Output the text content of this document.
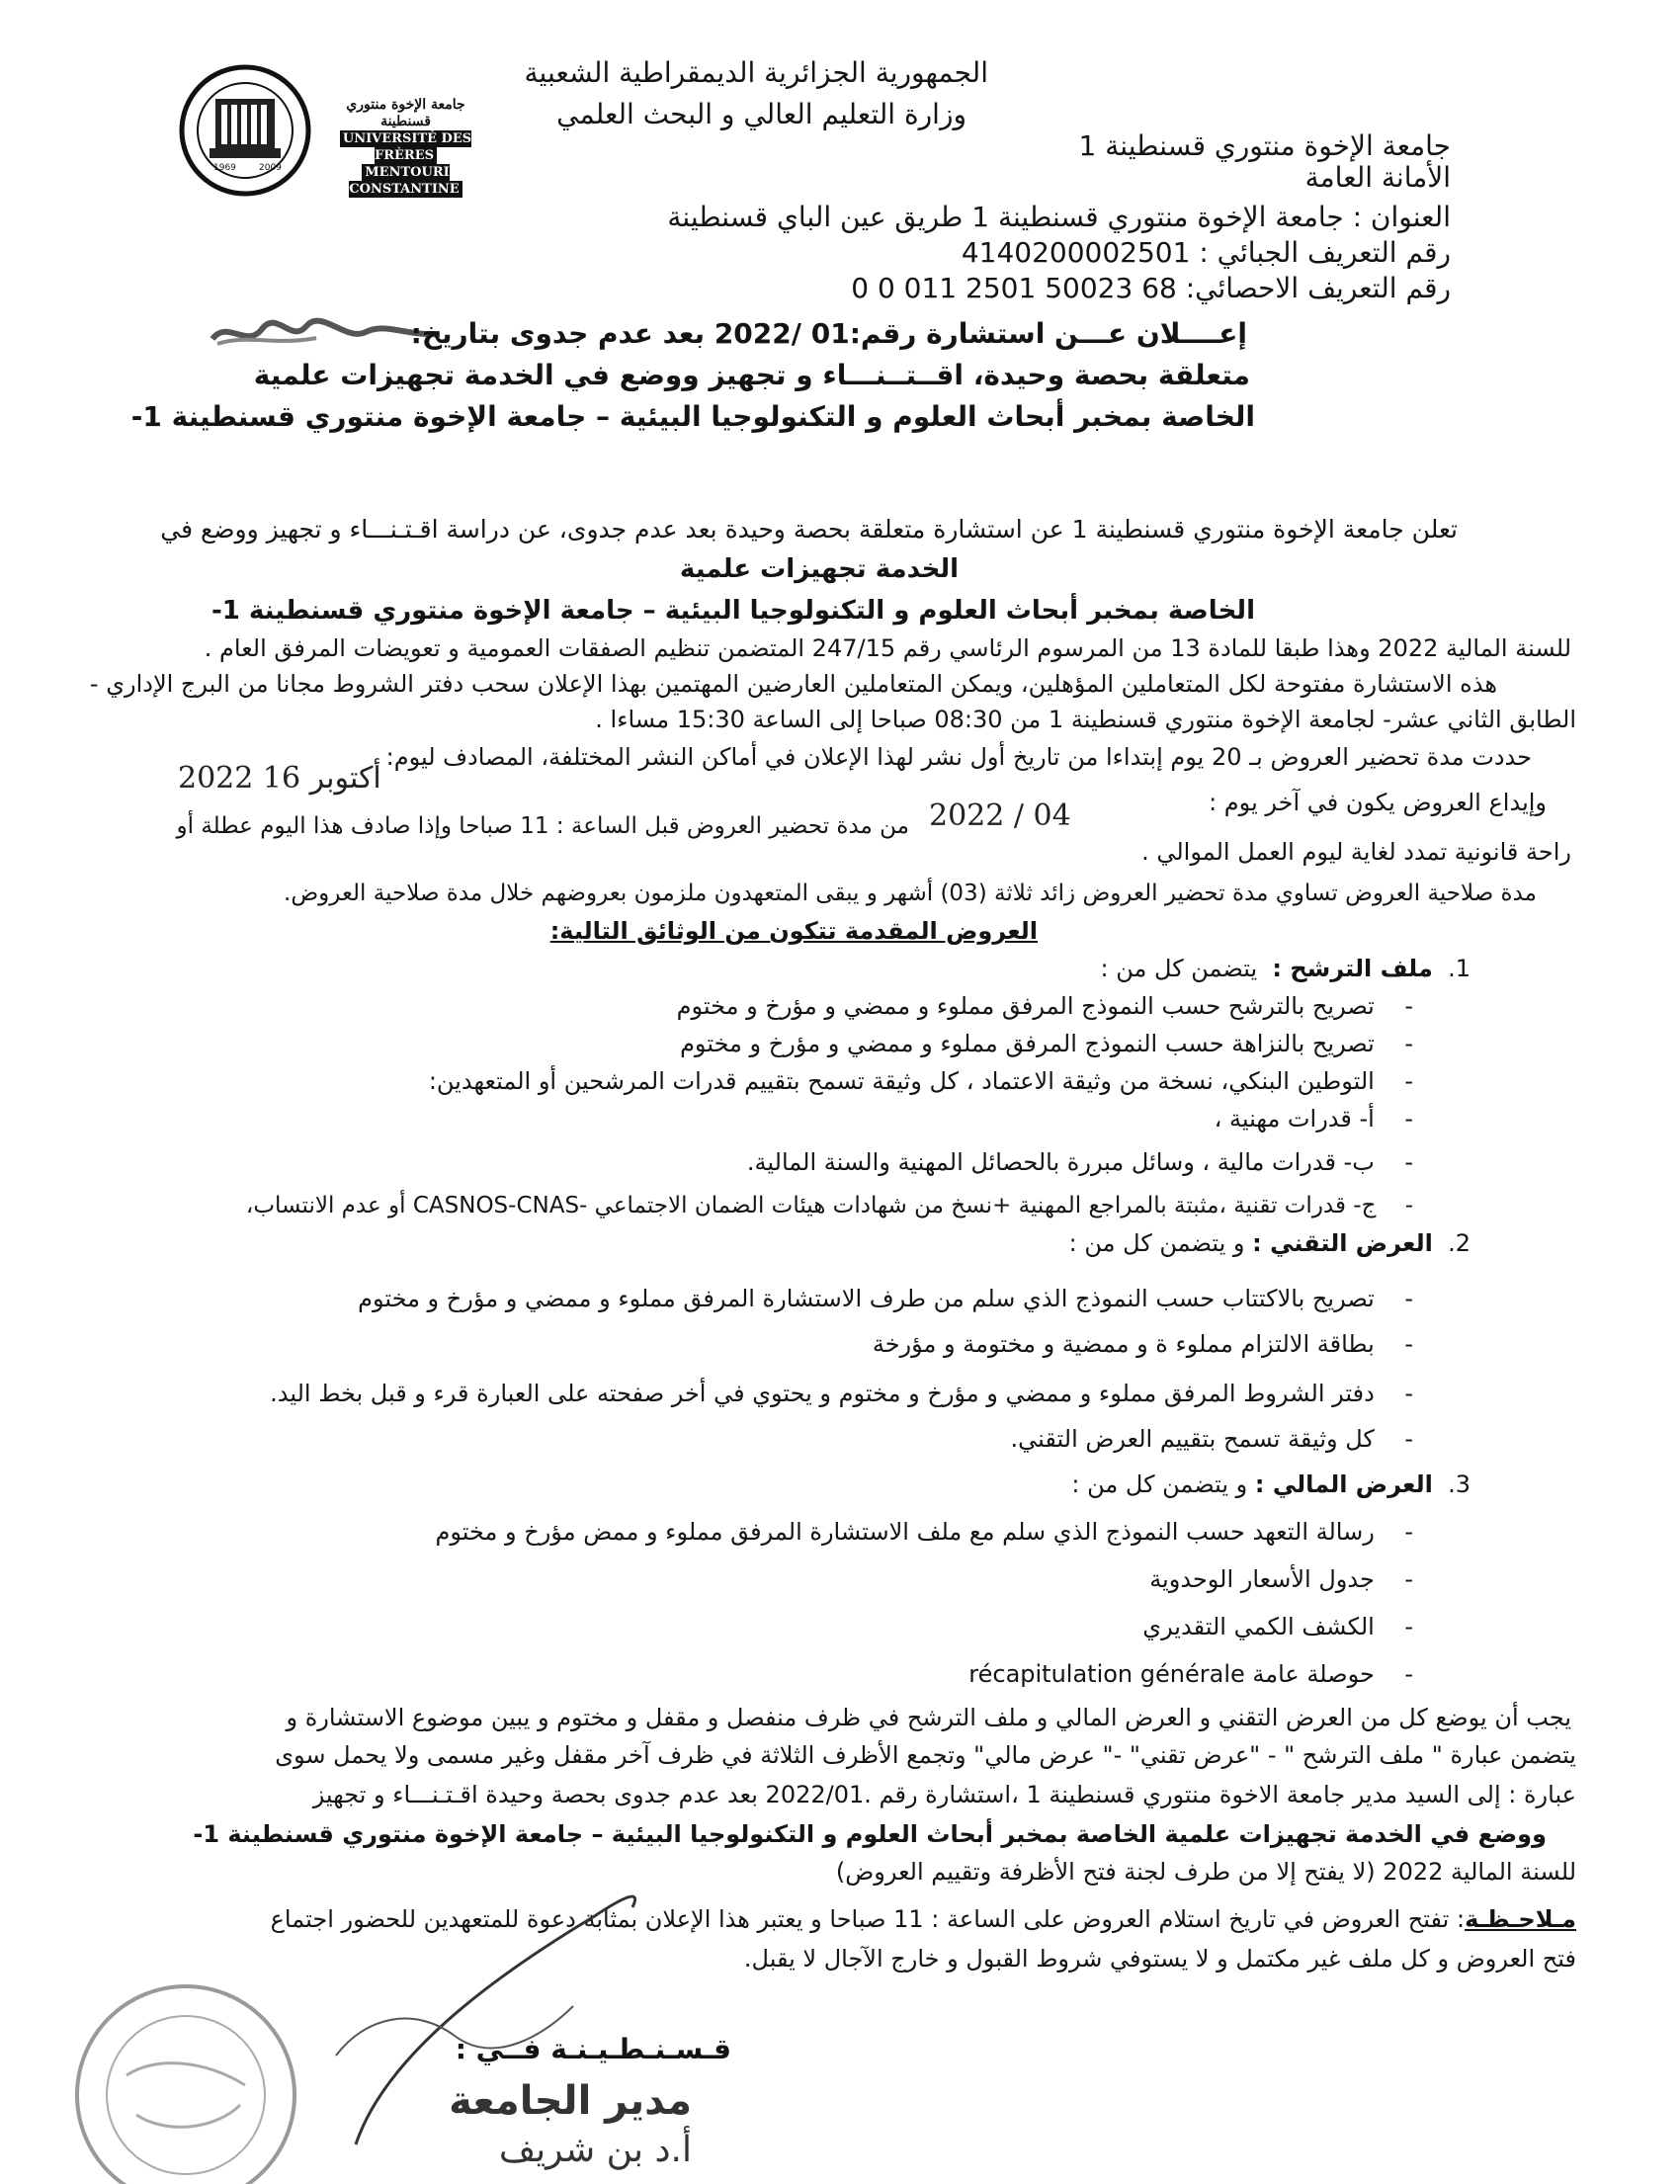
1969	2009
جامعة الإخوة منتوري قسنطينة
UNIVERSITÉ DES FRÈRES
MENTOURI CONSTANTINE
الجمهورية الجزائرية الديمقراطية الشعبية
وزارة التعليم العالي و البحث العلمي
جامعة الإخوة منتوري قسنطينة 1
الأمانة العامة
العنوان : جامعة الإخوة منتوري قسنطينة 1 طريق عين الباي قسنطينة
رقم التعريف الجبائي : 4140200002501
رقم التعريف الاحصائي: 68 50023 2501 011 0 0
إعــــلان عـــن استشارة رقم:01 /2022 بعد عدم جدوى بتاريخ:
متعلقة بحصة وحيدة، اقــتــنـــاء و تجهيز ووضع في الخدمة تجهيزات علمية
الخاصة بمخبر أبحاث العلوم و التكنولوجيا البيئية – جامعة الإخوة منتوري قسنطينة 1-
تعلن جامعة الإخوة منتوري قسنطينة 1 عن استشارة متعلقة بحصة وحيدة بعد عدم جدوى، عن دراسة اقـتـنـــاء و تجهيز ووضع في
الخدمة تجهيزات علمية
الخاصة بمخبر أبحاث العلوم و التكنولوجيا البيئية – جامعة الإخوة منتوري قسنطينة 1-
للسنة المالية 2022 وهذا طبقا للمادة 13 من المرسوم الرئاسي رقم 247/15 المتضمن تنظيم الصفقات العمومية و تعويضات المرفق العام .
هذه الاستشارة مفتوحة لكل المتعاملين المؤهلين، ويمكن المتعاملين العارضين المهتمين بهذا الإعلان سحب دفتر الشروط مجانا من البرج الإداري -
الطابق الثاني عشر- لجامعة الإخوة منتوري قسنطينة 1 من 08:30 صباحا إلى الساعة 15:30 مساءا .
حددت مدة تحضير العروض بـ 20 يوم إبتداءا من تاريخ أول نشر لهذا الإعلان في أماكن النشر المختلفة، المصادف ليوم:
2022 أكتوبر 16
وإيداع العروض يكون في آخر يوم :
2022 / 04
من مدة تحضير العروض قبل الساعة : 11 صباحا وإذا صادف هذا اليوم عطلة أو
راحة قانونية تمدد لغاية ليوم العمل الموالي .
مدة صلاحية العروض تساوي مدة تحضير العروض زائد ثلاثة (03) أشهر و يبقى المتعهدون ملزمون بعروضهم خلال مدة صلاحية العروض.
العروض المقدمة تتكون من الوثائق التالية:
1.  ملف الترشح :  يتضمن كل من :
-    تصريح بالترشح حسب النموذج المرفق مملوء و ممضي و مؤرخ و مختوم
-    تصريح بالنزاهة حسب النموذج المرفق مملوء و ممضي و مؤرخ و مختوم
-    التوطين البنكي، نسخة من وثيقة الاعتماد ، كل وثيقة تسمح بتقييم قدرات المرشحين أو المتعهدين:
-    أ- قدرات مهنية ،
-    ب- قدرات مالية ، وسائل مبررة بالحصائل المهنية والسنة المالية.
-    ج- قدرات تقنية ،مثبتة بالمراجع المهنية +نسخ من شهادات هيئات الضمان الاجتماعي -CASNOS-CNAS أو عدم الانتساب،
2.  العرض التقني : و يتضمن كل من :
-    تصريح بالاكتتاب حسب النموذج الذي سلم من طرف الاستشارة المرفق مملوء و ممضي و مؤرخ و مختوم
-    بطاقة الالتزام مملوء ة و ممضية و مختومة و مؤرخة
-    دفتر الشروط المرفق مملوء و ممضي و مؤرخ و مختوم و يحتوي في أخر صفحته على العبارة قرء و قبل بخط اليد.
-    كل وثيقة تسمح بتقييم العرض التقني.
3.  العرض المالي : و يتضمن كل من :
-    رسالة التعهد حسب النموذج الذي سلم مع ملف الاستشارة المرفق مملوء و ممض مؤرخ و مختوم
-    جدول الأسعار الوحدوية
-    الكشف الكمي التقديري
-    حوصلة عامة récapitulation générale
يجب أن يوضع كل من العرض التقني و العرض المالي و ملف الترشح في ظرف منفصل و مقفل و مختوم و يبين موضوع الاستشارة و
يتضمن عبارة " ملف الترشح " - "عرض تقني" -" عرض مالي" وتجمع الأظرف الثلاثة في ظرف آخر مقفل وغير مسمى ولا يحمل سوى
عبارة : إلى السيد مدير جامعة الاخوة منتوري قسنطينة 1 ،استشارة رقم .2022/01 بعد عدم جدوى بحصة وحيدة اقـتـنـــاء و تجهيز
ووضع في الخدمة تجهيزات علمية الخاصة بمخبر أبحاث العلوم و التكنولوجيا البيئية – جامعة الإخوة منتوري قسنطينة 1-
للسنة المالية 2022 (لا يفتح إلا من طرف لجنة فتح الأظرفة وتقييم العروض)
مـلاحـظـة: تفتح العروض في تاريخ استلام العروض على الساعة : 11 صباحا و يعتبر هذا الإعلان بمثابة دعوة للمتعهدين للحضور اجتماع
فتح العروض و كل ملف غير مكتمل و لا يستوفي شروط القبول و خارج الآجال لا يقبل.
قـسـنـطـيـنـة فــي :
مدير الجامعة
أ.د بن شريف
